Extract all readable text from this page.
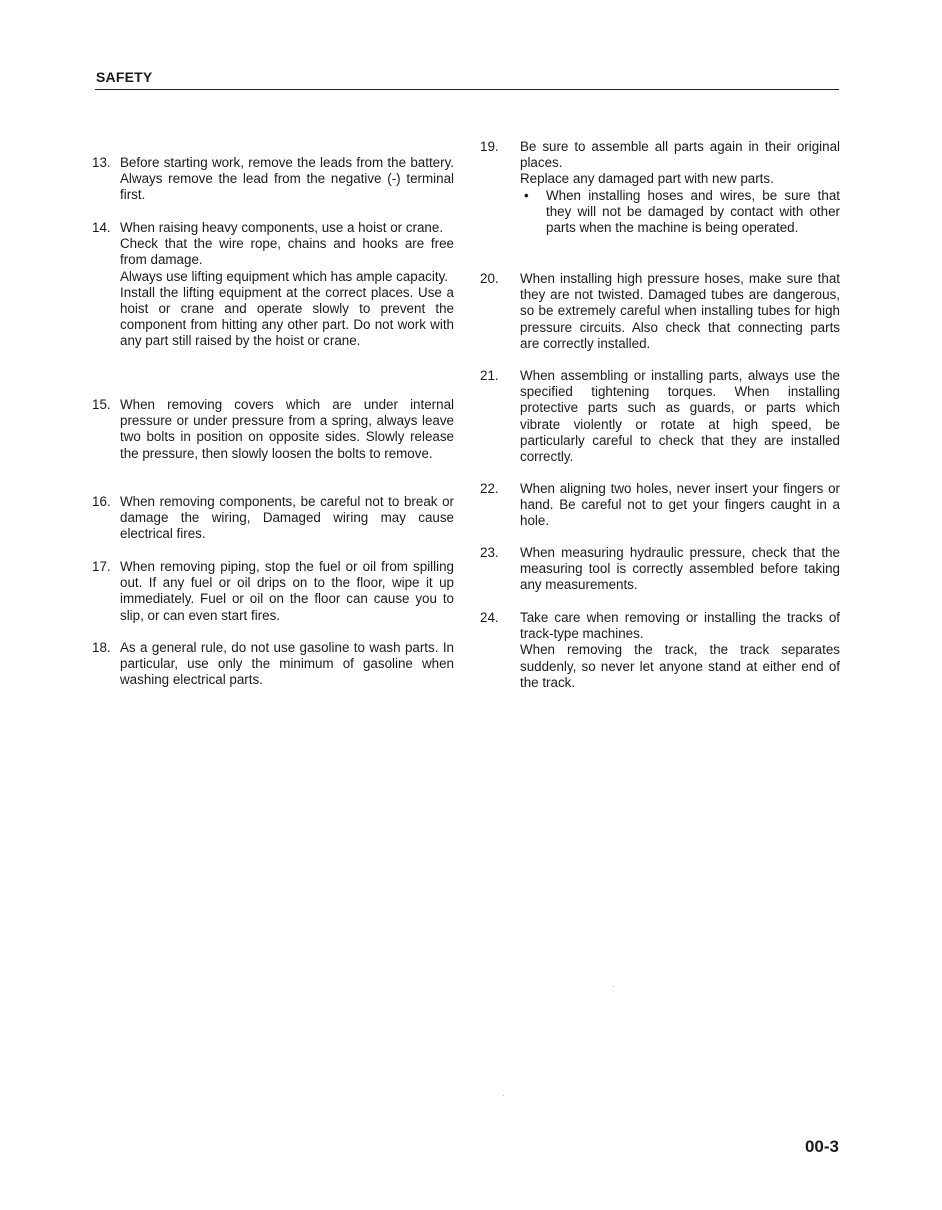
SAFETY
13. Before starting work, remove the leads from the battery. Always remove the lead from the negative (-) terminal first.

14. When raising heavy components, use a hoist or crane.

Check that the wire rope, chains and hooks are free from damage.

Always use lifting equipment which has ample capacity.

Install the lifting equipment at the correct places. Use a hoist or crane and operate slowly to prevent the component from hitting any other part. Do not work with any part still raised by the hoist or crane.

15. When removing covers which are under internal pressure or under pressure from a spring, always leave two bolts in position on opposite sides. Slowly release the pressure, then slowly loosen the bolts to remove.

16. When removing components, be careful not to break or damage the wiring, Damaged wiring may cause electrical fires.

17. When removing piping, stop the fuel or oil from spilling out. If any fuel or oil drips on to the floor, wipe it up immediately. Fuel or oil on the floor can cause you to slip, or can even start fires.

18. As a general rule, do not use gasoline to wash parts. In particular, use only the minimum of gasoline when washing electrical parts.

19. Be sure to assemble all parts again in their original places.

Replace any damaged part with new parts.

• When installing hoses and wires, be sure that they will not be damaged by contact with other parts when the machine is being operated.
20. When installing high pressure hoses, make sure that they are not twisted. Damaged tubes are dangerous, so be extremely careful when installing tubes for high pressure circuits. Also check that connecting parts are correctly installed.

21. When assembling or installing parts, always use the specified tightening torques. When installing protective parts such as guards, or parts which vibrate violently or rotate at high speed, be particularly careful to check that they are installed correctly.

22. When aligning two holes, never insert your fingers or hand. Be careful not to get your fingers caught in a hole.

23. When measuring hydraulic pressure, check that the measuring tool is correctly assembled before taking any measurements.

24. Take care when removing or installing the tracks of track-type machines.

When removing the track, the track separates suddenly, so never let anyone stand at either end of the track.

00-3
